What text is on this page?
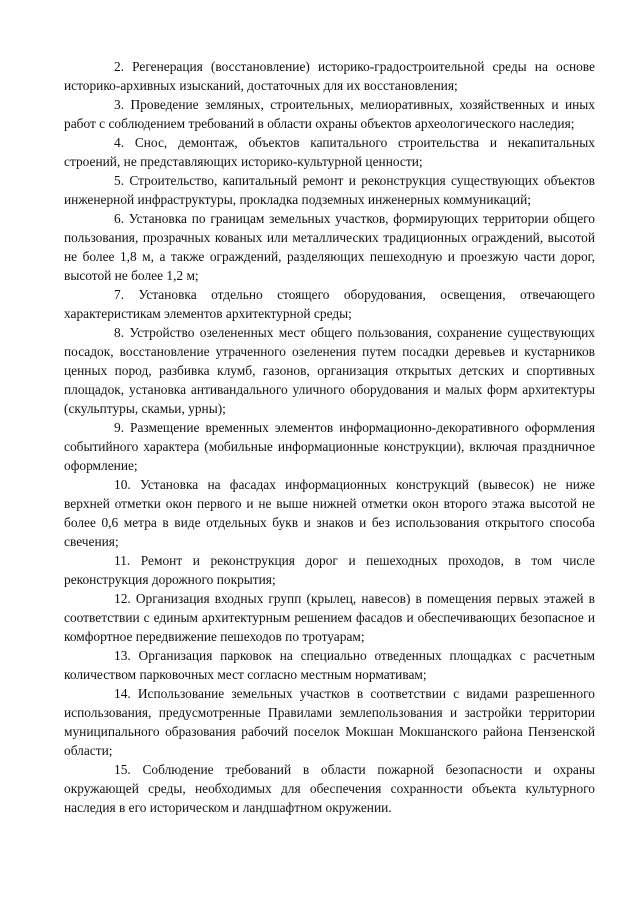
2. Регенерация (восстановление) историко-градостроительной среды на основе историко-архивных изысканий, достаточных для их восстановления;

3. Проведение земляных, строительных, мелиоративных, хозяйственных и иных работ с соблюдением требований в области охраны объектов археологического наследия;

4. Снос, демонтаж, объектов капитального строительства и некапитальных строений, не представляющих историко-культурной ценности;

5. Строительство, капитальный ремонт и реконструкция существующих объектов инженерной инфраструктуры, прокладка подземных инженерных коммуникаций;

6. Установка по границам земельных участков, формирующих территории общего пользования, прозрачных кованых или металлических традиционных ограждений, высотой не более 1,8 м, а также ограждений, разделяющих пешеходную и проезжую части дорог, высотой не более 1,2 м;

7. Установка отдельно стоящего оборудования, освещения, отвечающего характеристикам элементов архитектурной среды;

8. Устройство озелененных мест общего пользования, сохранение существующих посадок, восстановление утраченного озеленения путем посадки деревьев и кустарников ценных пород, разбивка клумб, газонов, организация открытых детских и спортивных площадок, установка антивандального уличного оборудования и малых форм архитектуры (скульптуры, скамьи, урны);

9. Размещение временных элементов информационно-декоративного оформления событийного характера (мобильные информационные конструкции), включая праздничное оформление;

10. Установка на фасадах информационных конструкций (вывесок) не ниже верхней отметки окон первого и не выше нижней отметки окон второго этажа высотой не более 0,6 метра в виде отдельных букв и знаков и без использования открытого способа свечения;

11. Ремонт и реконструкция дорог и пешеходных проходов, в том числе реконструкция дорожного покрытия;

12. Организация входных групп (крылец, навесов) в помещения первых этажей в соответствии с единым архитектурным решением фасадов и обеспечивающих безопасное и комфортное передвижение пешеходов по тротуарам;

13. Организация парковок на специально отведенных площадках с расчетным количеством парковочных мест согласно местным нормативам;

14. Использование земельных участков в соответствии с видами разрешенного использования, предусмотренные Правилами землепользования и застройки территории муниципального образования рабочий поселок Мокшан Мокшанского района Пензенской области;

15. Соблюдение требований в области пожарной безопасности и охраны окружающей среды, необходимых для обеспечения сохранности объекта культурного наследия в его историческом и ландшафтном окружении.
